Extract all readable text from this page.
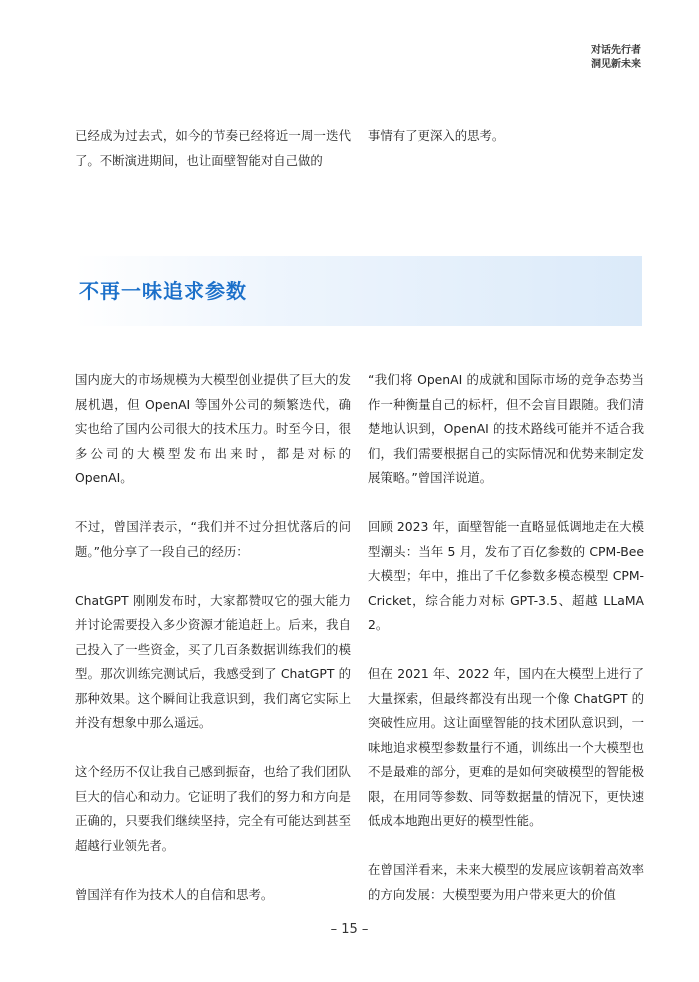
对话先行者
洞见新未来

已经成为过去式，如今的节奏已经将近一周一迭代了。不断演进期间，也让面壁智能对自己做的

事情有了更深入的思考。

不再一味追求参数

国内庞大的市场规模为大模型创业提供了巨大的发展机遇，但 OpenAI 等国外公司的频繁迭代，确实也给了国内公司很大的技术压力。时至今日，很多公司的大模型发布出来时，都是对标的 OpenAI。

不过，曾国洋表示，“我们并不过分担忧落后的问题。”他分享了一段自己的经历：

ChatGPT 刚刚发布时，大家都赞叹它的强大能力并讨论需要投入多少资源才能追赶上。后来，我自己投入了一些资金，买了几百条数据训练我们的模型。那次训练完测试后，我感受到了 ChatGPT 的那种效果。这个瞬间让我意识到，我们离它实际上并没有想象中那么遥远。

这个经历不仅让我自己感到振奋，也给了我们团队巨大的信心和动力。它证明了我们的努力和方向是正确的，只要我们继续坚持，完全有可能达到甚至超越行业领先者。

曾国洋有作为技术人的自信和思考。

“我们将 OpenAI 的成就和国际市场的竞争态势当作一种衡量自己的标杆，但不会盲目跟随。我们清楚地认识到，OpenAI 的技术路线可能并不适合我们，我们需要根据自己的实际情况和优势来制定发展策略。”曾国洋说道。

回顾 2023 年，面壁智能一直略显低调地走在大模型潮头：当年 5 月，发布了百亿参数的 CPM-Bee 大模型；年中，推出了千亿参数多模态模型 CPM-Cricket，综合能力对标 GPT-3.5、超越 LLaMA 2。

但在 2021 年、2022 年，国内在大模型上进行了大量探索，但最终都没有出现一个像 ChatGPT 的突破性应用。这让面壁智能的技术团队意识到，一味地追求模型参数量行不通，训练出一个大模型也不是最难的部分，更难的是如何突破模型的智能极限，在用同等参数、同等数据量的情况下，更快速低成本地跑出更好的模型性能。

在曾国洋看来，未来大模型的发展应该朝着高效率的方向发展：大模型要为用户带来更大的价值

– 15 –
